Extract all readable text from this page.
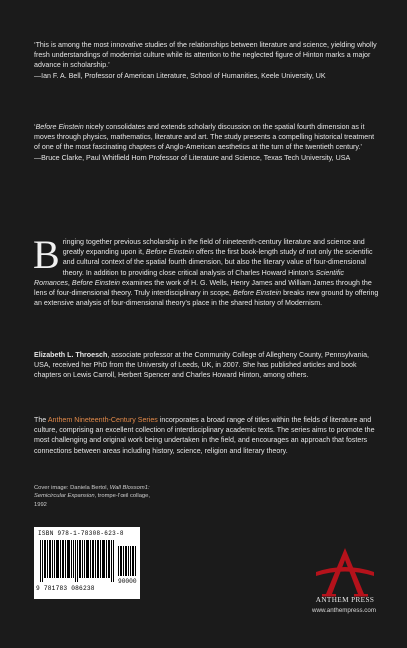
‘This is among the most innovative studies of the relationships between literature and science, yielding wholly fresh understandings of modernist culture while its attention to the neglected figure of Hinton marks a major advance in scholarship.’
—Ian F. A. Bell, Professor of American Literature, School of Humanities, Keele University, UK
‘Before Einstein nicely consolidates and extends scholarly discussion on the spatial fourth dimension as it moves through physics, mathematics, literature and art. The study presents a compelling historical treatment of one of the most fascinating chapters of Anglo-American aesthetics at the turn of the twentieth century.’
—Bruce Clarke, Paul Whitfield Horn Professor of Literature and Science, Texas Tech University, USA
B ringing together previous scholarship in the field of nineteenth-century literature and science and greatly expanding upon it, Before Einstein offers the first book-length study of not only the scientific and cultural context of the spatial fourth dimension, but also the literary value of four-dimensional theory. In addition to providing close critical analysis of Charles Howard Hinton’s Scientific Romances, Before Einstein examines the work of H. G. Wells, Henry James and William James through the lens of four-dimensional theory. Truly interdisciplinary in scope, Before Einstein breaks new ground by offering an extensive analysis of four-dimensional theory’s place in the shared history of Modernism.
Elizabeth L. Throesch, associate professor at the Community College of Allegheny County, Pennsylvania, USA, received her PhD from the University of Leeds, UK, in 2007. She has published articles and book chapters on Lewis Carroll, Herbert Spencer and Charles Howard Hinton, among others.
The Anthem Nineteenth-Century Series incorporates a broad range of titles within the fields of literature and culture, comprising an excellent collection of interdisciplinary academic texts. The series aims to promote the most challenging and original work being undertaken in the field, and encourages an approach that fosters connections between areas including history, science, religion and literary theory.
Cover image: Daniela Bertol, Wall Blossom1: Semicircular Expansion, trompe-l’œil collage, 1992
ISBN 978-1-78308-623-8
9 781783 086238
90000
ANTHEM PRESS
www.anthempress.com
